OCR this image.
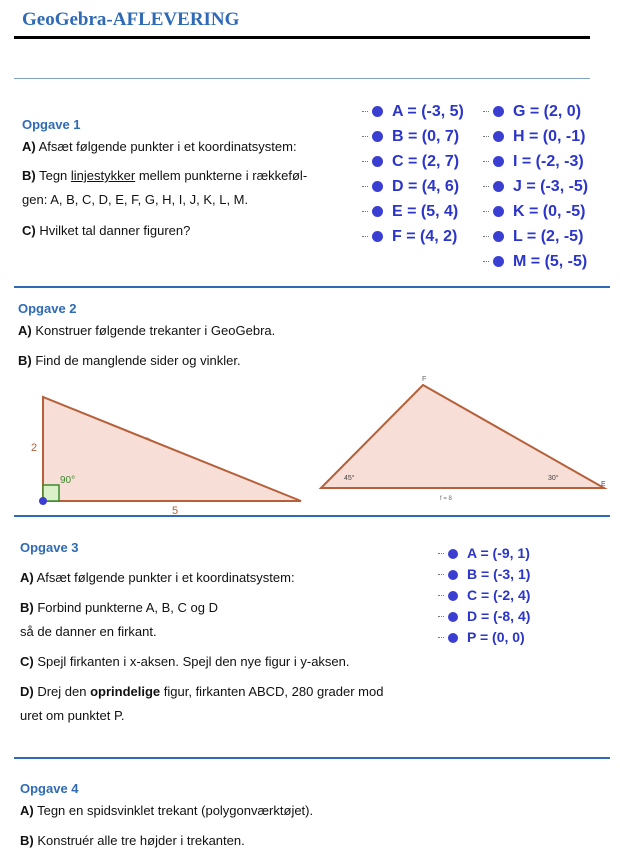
GeoGebra-AFLEVERING
Opgave 1
A) Afsæt følgende punkter i et koordinatsystem:
B) Tegn linjestykker mellem punkterne i rækkeføl-
gen: A, B, C, D, E, F, G, H, I, J, K, L, M.
C) Hvilket tal danner figuren?
A = (-3, 5)
B = (0, 7)
C = (2, 7)
D = (4, 6)
E = (5, 4)
F = (4, 2)
G = (2, 0)
H = (0, -1)
I = (-2, -3)
J = (-3, -5)
K = (0, -5)
L = (2, -5)
M = (5, -5)
Opgave 2
A) Konstruer følgende trekanter i GeoGebra.
B) Find de manglende sider og vinkler.
2
5
90°
F
E
45°	30°
f = 8
Opgave 3
A) Afsæt følgende punkter i et koordinatsystem:
B) Forbind punkterne A, B, C og D
så de danner en firkant.
C) Spejl firkanten i x-aksen. Spejl den nye figur i y-aksen.
D) Drej den oprindelige figur, firkanten ABCD, 280 grader mod
uret om punktet P.
A = (-9, 1)
B = (-3, 1)
C = (-2, 4)
D = (-8, 4)
P = (0, 0)
Opgave 4
A) Tegn en spidsvinklet trekant (polygonværktøjet).
B) Konstruér alle tre højder i trekanten.
